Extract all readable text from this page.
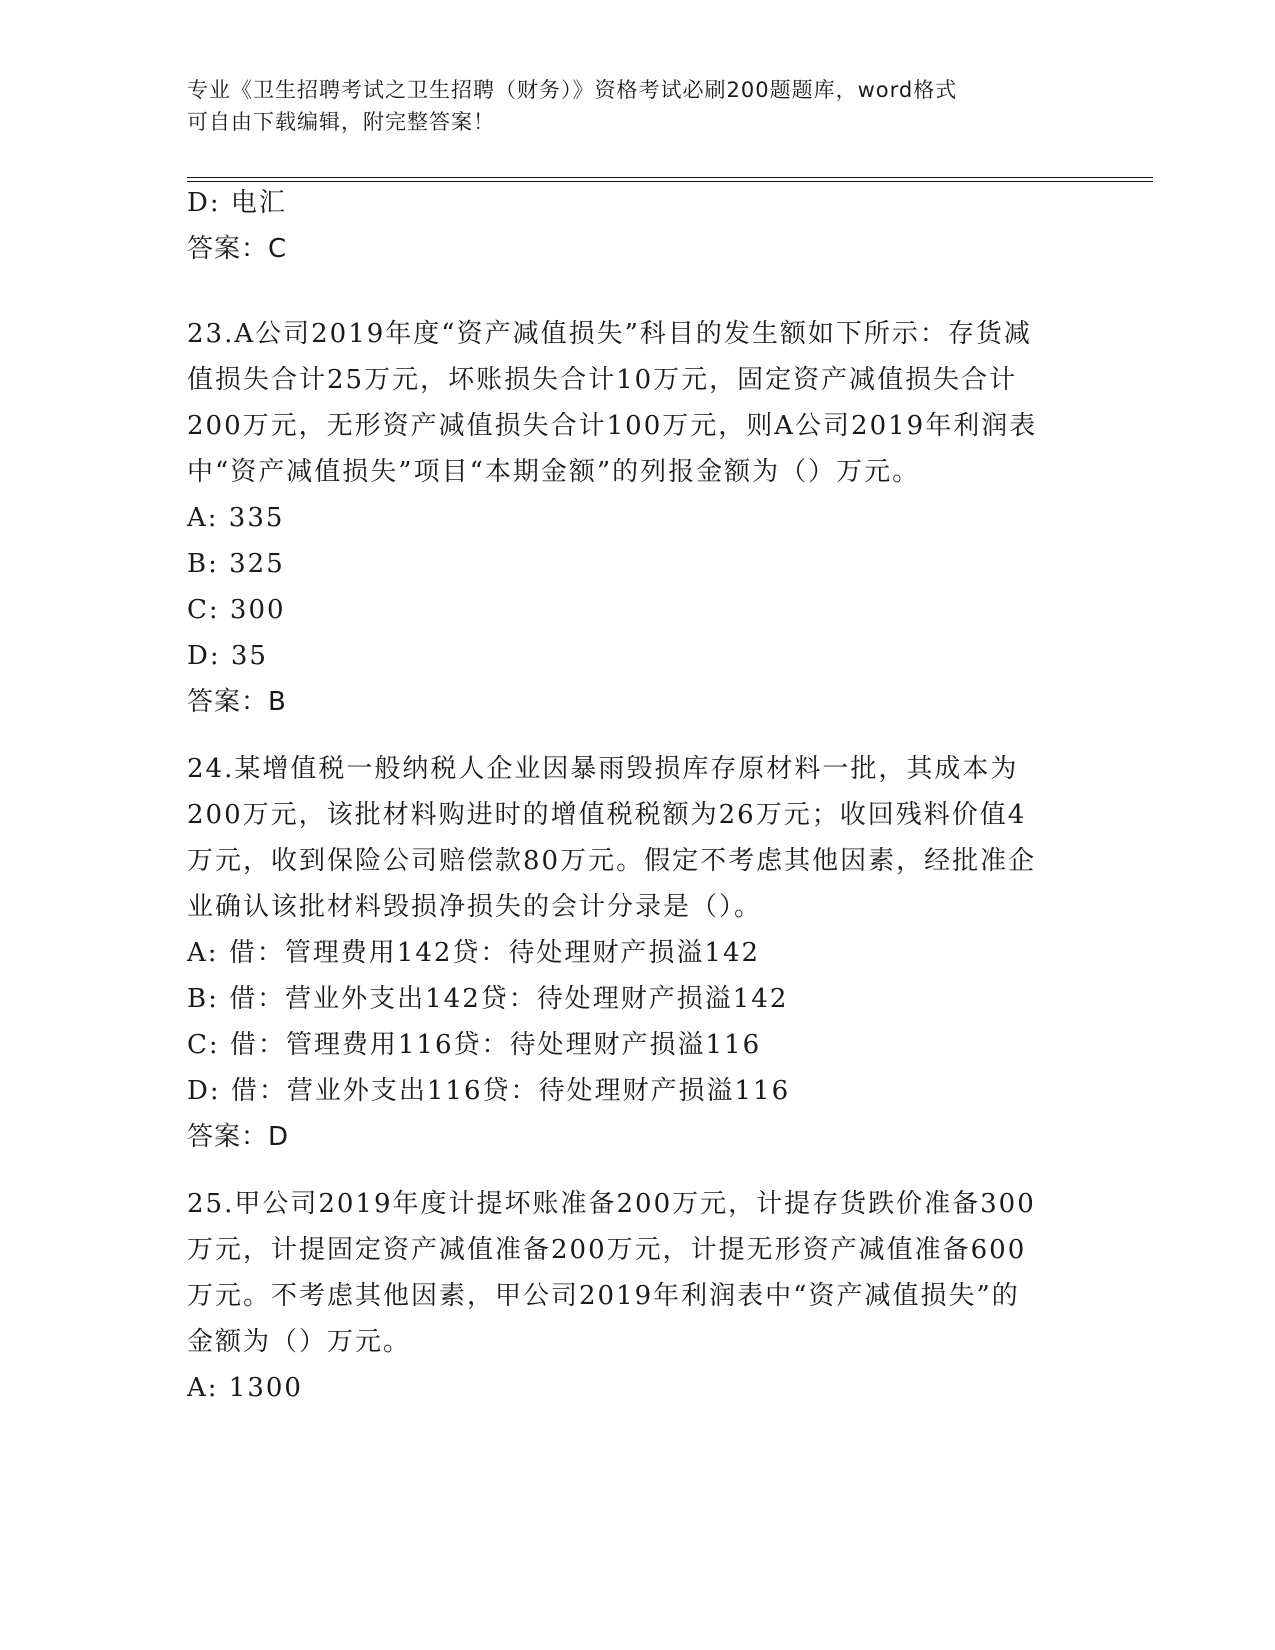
专业《卫生招聘考试之卫生招聘（财务）》资格考试必刷200题题库，word格式
可自由下载编辑，附完整答案！
D: 电汇
答案：C
23.A公司2019年度“资产减值损失”科目的发生额如下所示：存货减
值损失合计25万元，坏账损失合计10万元，固定资产减值损失合计
200万元，无形资产减值损失合计100万元，则A公司2019年利润表
中“资产减值损失”项目“本期金额”的列报金额为（）万元。
A: 335
B: 325
C: 300
D: 35
答案：B
24.某增值税一般纳税人企业因暴雨毁损库存原材料一批，其成本为
200万元，该批材料购进时的增值税税额为26万元；收回残料价值4
万元，收到保险公司赔偿款80万元。假定不考虑其他因素，经批准企
业确认该批材料毁损净损失的会计分录是（）。
A: 借：管理费用142贷：待处理财产损溢142
B: 借：营业外支出142贷：待处理财产损溢142
C: 借：管理费用116贷：待处理财产损溢116
D: 借：营业外支出116贷：待处理财产损溢116
答案：D
25.甲公司2019年度计提坏账准备200万元，计提存货跌价准备300
万元，计提固定资产减值准备200万元，计提无形资产减值准备600
万元。不考虑其他因素，甲公司2019年利润表中“资产减值损失”的
金额为（）万元。
A: 1300
